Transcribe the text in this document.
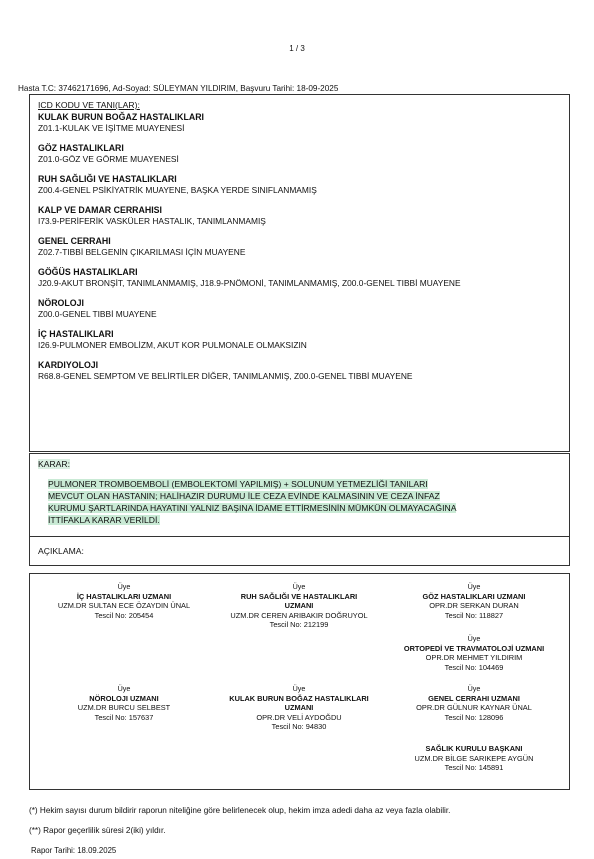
1 / 3
Hasta T.C: 37462171696, Ad-Soyad: SÜLEYMAN YILDIRIM, Başvuru Tarihi: 18-09-2025
ICD KODU VE TANI(LAR):
KULAK BURUN BOĞAZ HASTALIKLARI
Z01.1-KULAK VE İŞİTME MUAYENESİ
GÖZ HASTALIKLARI
Z01.0-GÖZ VE GÖRME MUAYENESİ
RUH SAĞLIĞI VE HASTALIKLARI
Z00.4-GENEL PSİKİYATRİK MUAYENE, BAŞKA YERDE SINIFLANMAMIŞ
KALP VE DAMAR CERRAHISI
I73.9-PERİFERİK VASKÜLER HASTALIK, TANIMLANMAMIŞ
GENEL CERRAHI
Z02.7-TIBBİ BELGENİN ÇIKARILMASI İÇİN MUAYENE
GÖĞÜS HASTALIKLARI
J20.9-AKUT BRONŞİT, TANIMLANMAMIŞ, J18.9-PNÖMONİ, TANIMLANMAMIŞ, Z00.0-GENEL TIBBİ MUAYENE
NÖROLOJI
Z00.0-GENEL TIBBİ MUAYENE
İÇ HASTALIKLARI
I26.9-PULMONER EMBOLİZM, AKUT KOR PULMONALE OLMAKSIZIN
KARDIYOLOJI
R68.8-GENEL SEMPTOM VE BELİRTİLER DİĞER, TANIMLANMIŞ, Z00.0-GENEL TIBBİ MUAYENE
KARAR:
PULMONER TROMBOEMBOLİ (EMBOLEKTOMİ YAPILMIŞ) + SOLUNUM YETMEZLİĞİ TANILARI
MEVCUT OLAN HASTANIN; HALİHAZIR DURUMU İLE CEZA EVİNDE KALMASININ VE CEZA İNFAZ
KURUMU ŞARTLARINDA HAYATINI YALNIZ BAŞINA İDAME ETTİRMESİNİN MÜMKÜN OLMAYACAĞINA
İTTİFAKLA KARAR VERİLDİ.
AÇIKLAMA:
Üye
İÇ HASTALIKLARI UZMANI
UZM.DR SULTAN ECE ÖZAYDIN ÜNAL
Tescil No: 205454
Üye
RUH SAĞLIĞI VE HASTALIKLARI
UZMANI
UZM.DR CEREN ARIBAKIR DOĞRUYOL
Tescil No: 212199
Üye
GÖZ HASTALIKLARI UZMANI
OPR.DR SERKAN DURAN
Tescil No: 118827
Üye
ORTOPEDİ VE TRAVMATOLOJİ UZMANI
OPR.DR MEHMET YILDIRIM
Tescil No: 104469
Üye
NÖROLOJI UZMANI
UZM.DR BURCU SELBEST
Tescil No: 157637
Üye
KULAK BURUN BOĞAZ HASTALIKLARI
UZMANI
OPR.DR VELİ AYDOĞDU
Tescil No: 94830
Üye
GENEL CERRAHI UZMANI
OPR.DR GÜLNUR KAYNAR ÜNAL
Tescil No: 128096
SAĞLIK KURULU BAŞKANI
UZM.DR BİLGE SARIKEPE AYGÜN
Tescil No: 145891
(*) Hekim sayısı durum bildirir raporun niteliğine göre belirlenecek olup, hekim imza adedi daha az veya fazla olabilir.
(**) Rapor geçerlilik süresi 2(iki) yıldır.
Rapor Tarihi: 18.09.2025
